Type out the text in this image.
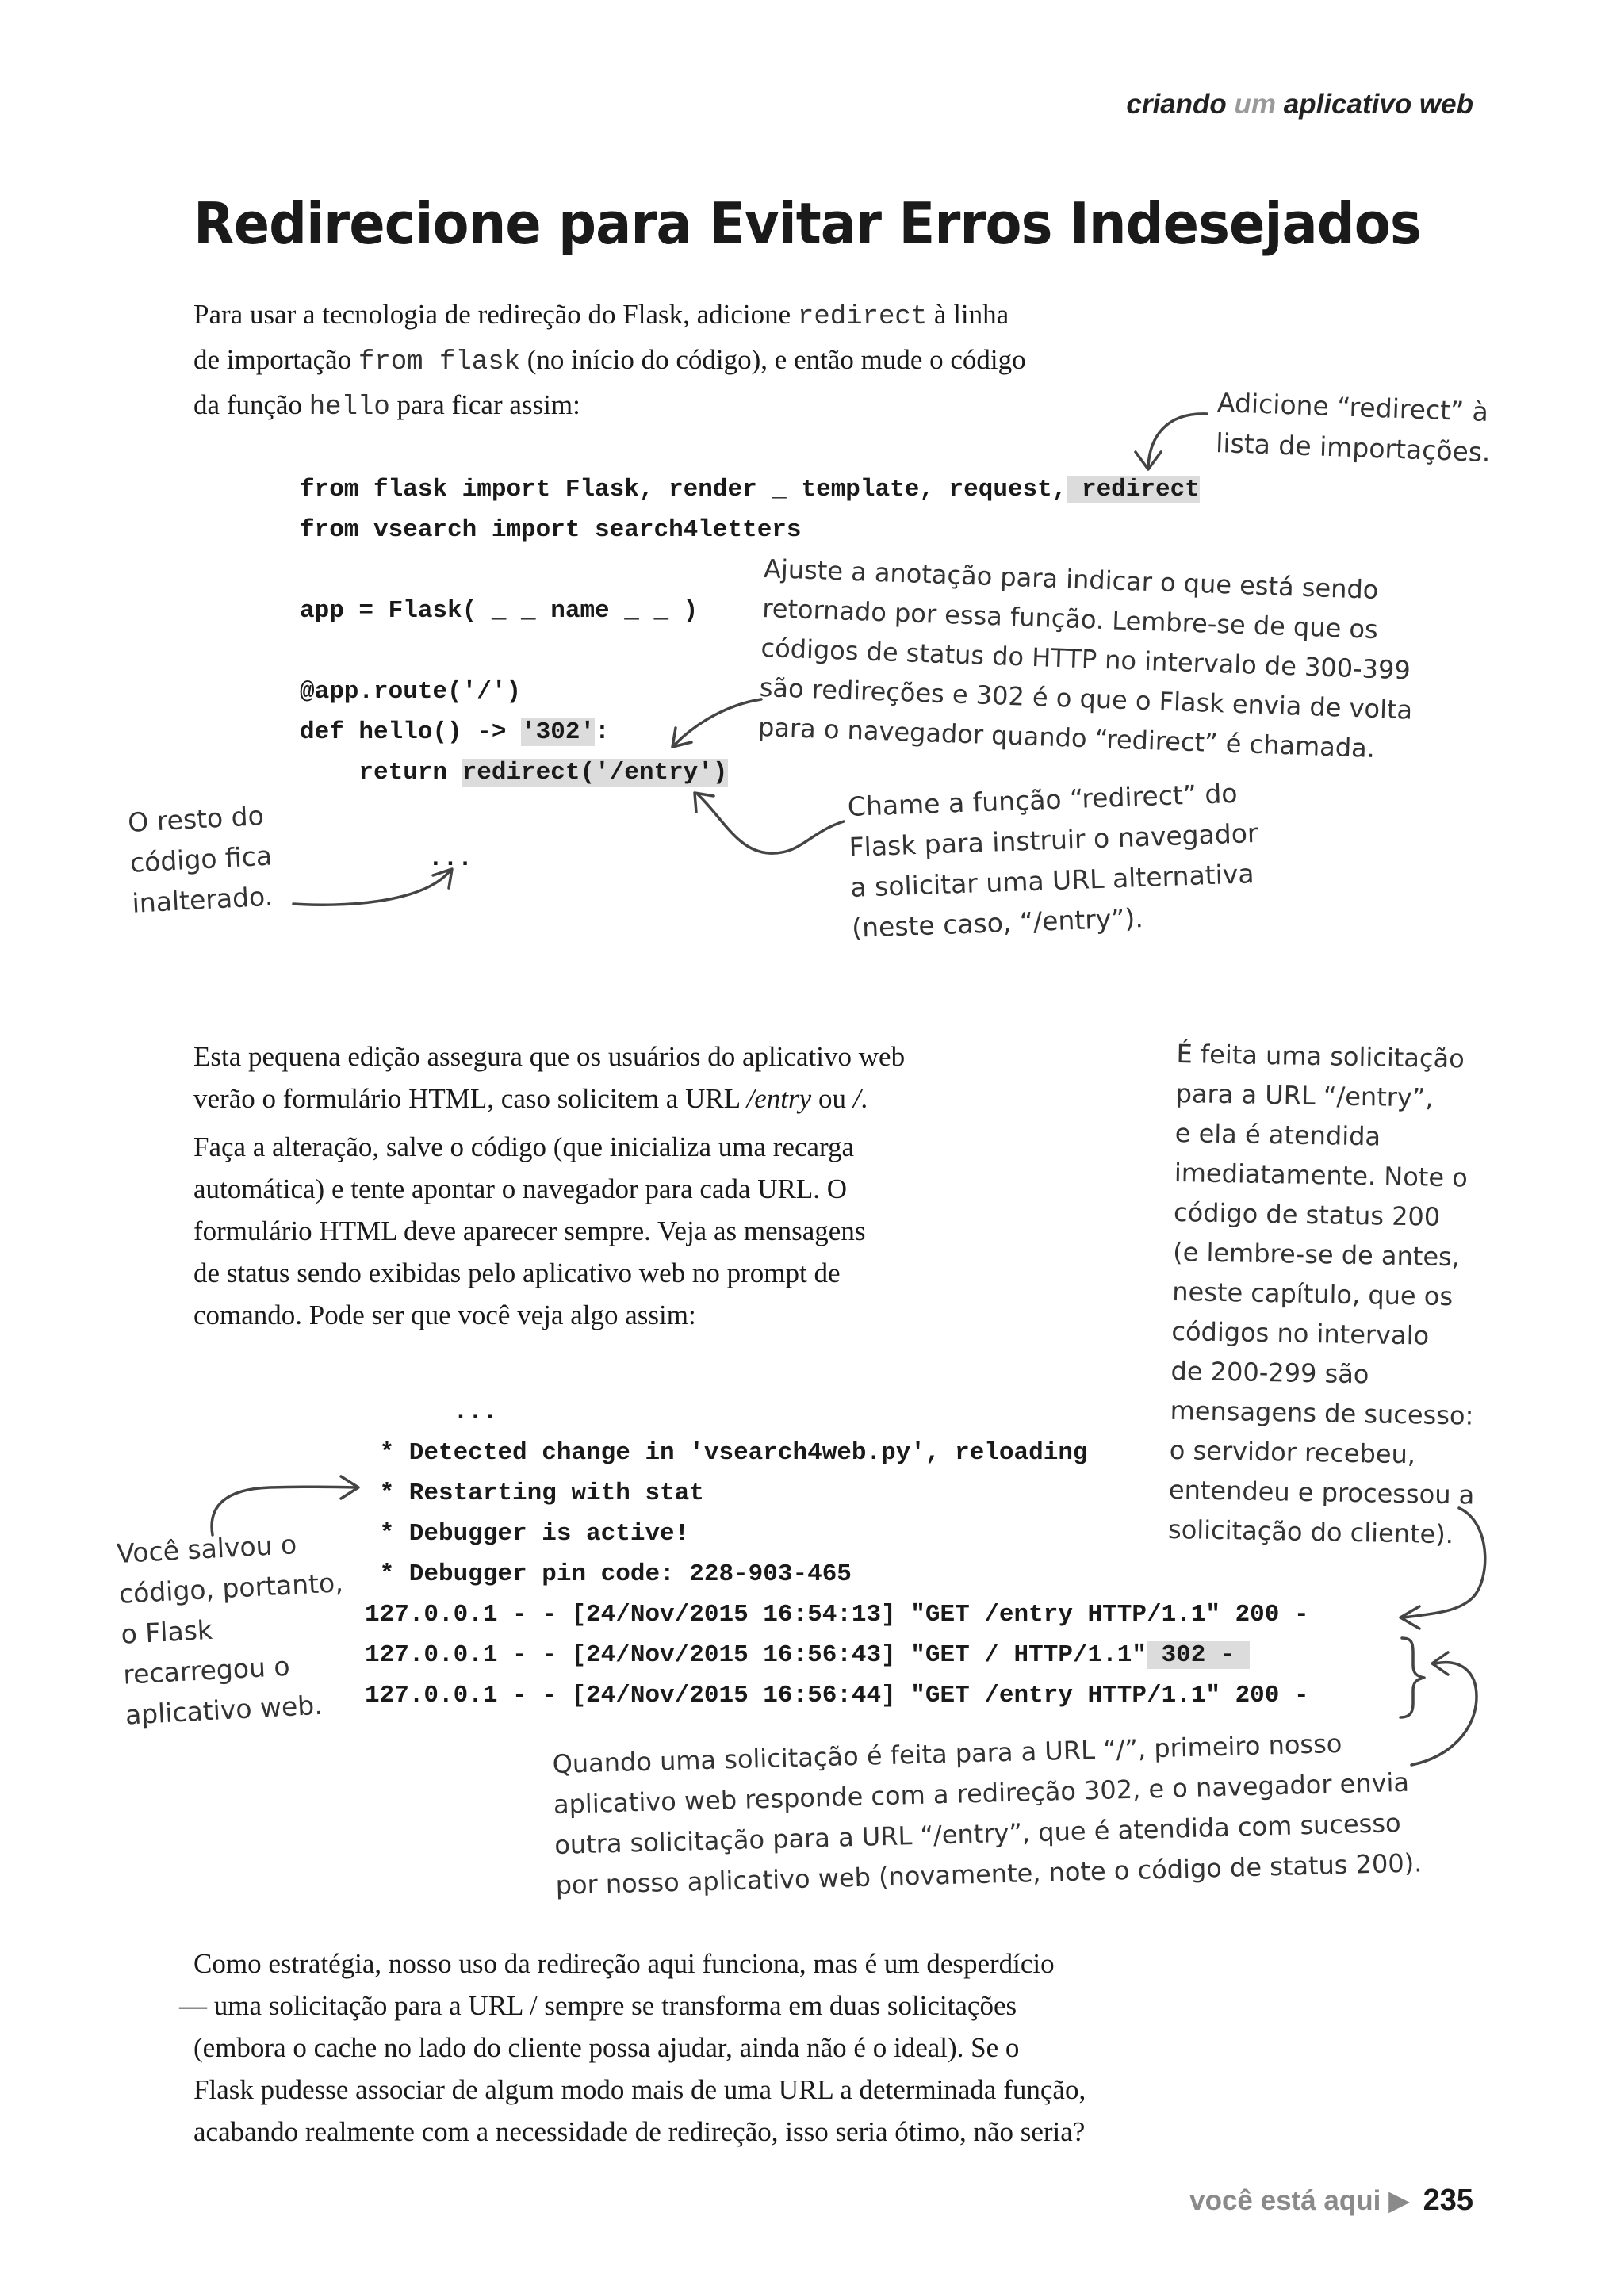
criando um aplicativo web
Redirecione para Evitar Erros Indesejados
Para usar a tecnologia de redireção do Flask, adicione redirect à linha
de importação from flask (no início do código), e então mude o código
da função hello para ficar assim:
from flask import Flask, render _ template, request, redirect
from vsearch import search4letters

app = Flask( _ _ name _ _ )

@app.route('/')
def hello() -> '302':
return redirect('/entry')
...
Adicione “redirect” à
lista de importações.
Ajuste a anotação para indicar o que está sendo
retornado por essa função. Lembre-se de que os
códigos de status do HTTP no intervalo de 300-399
são redireções e 302 é o que o Flask envia de volta
para o navegador quando “redirect” é chamada.
O resto do
código fica
inalterado.
Chame a função “redirect” do
Flask para instruir o navegador
a solicitar uma URL alternativa
(neste caso, “/entry”).
É feita uma solicitação
para a URL “/entry”,
e ela é atendida
imediatamente. Note o
código de status 200
(e lembre-se de antes,
neste capítulo, que os
códigos no intervalo
de 200-299 são
mensagens de sucesso:
o servidor recebeu,
entendeu e processou a
solicitação do cliente).
Você salvou o
código, portanto,
o Flask
recarregou o
aplicativo web.
Quando uma solicitação é feita para a URL “/”, primeiro nosso
aplicativo web responde com a redireção 302, e o navegador envia
outra solicitação para a URL “/entry”, que é atendida com sucesso
por nosso aplicativo web (novamente, note o código de status 200).
Esta pequena edição assegura que os usuários do aplicativo web
verão o formulário HTML, caso solicitem a URL /entry ou /.
Faça a alteração, salve o código (que inicializa uma recarga
automática) e tente apontar o navegador para cada URL. O
formulário HTML deve aparecer sempre. Veja as mensagens
de status sendo exibidas pelo aplicativo web no prompt de
comando. Pode ser que você veja algo assim:
...
* Detected change in 'vsearch4web.py', reloading
* Restarting with stat
* Debugger is active!
* Debugger pin code: 228-903-465
127.0.0.1 - - [24/Nov/2015 16:54:13] "GET /entry HTTP/1.1" 200 -
127.0.0.1 - - [24/Nov/2015 16:56:43] "GET / HTTP/1.1" 302 -
127.0.0.1 - - [24/Nov/2015 16:56:44] "GET /entry HTTP/1.1" 200 -
Como estratégia, nosso uso da redireção aqui funciona, mas é um desperdício
— uma solicitação para a URL / sempre se transforma em duas solicitações
(embora o cache no lado do cliente possa ajudar, ainda não é o ideal). Se o
Flask pudesse associar de algum modo mais de uma URL a determinada função,
acabando realmente com a necessidade de redireção, isso seria ótimo, não seria?
você está aqui ▶ 235
